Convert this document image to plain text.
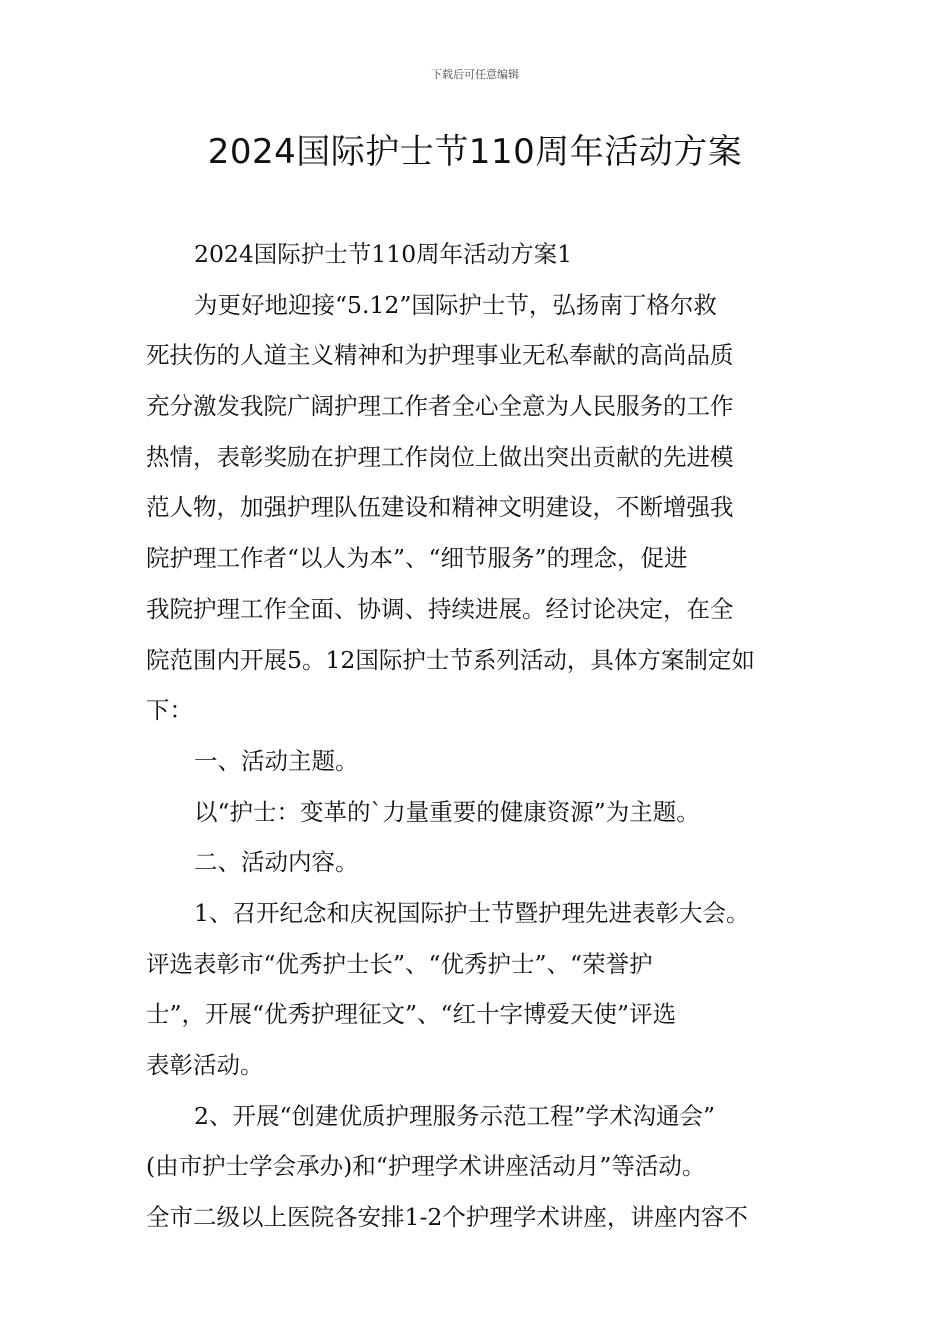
下载后可任意编辑
2024国际护士节110周年活动方案
2024国际护士节110周年活动方案1
为更好地迎接“5.12”国际护士节，弘扬南丁格尔救
死扶伤的人道主义精神和为护理事业无私奉献的高尚品质
充分激发我院广阔护理工作者全心全意为人民服务的工作
热情，表彰奖励在护理工作岗位上做出突出贡献的先进模
范人物，加强护理队伍建设和精神文明建设，不断增强我
院护理工作者“以人为本”、“细节服务”的理念，促进
我院护理工作全面、协调、持续进展。经讨论决定，在全
院范围内开展5。12国际护士节系列活动，具体方案制定如
下：
一、活动主题。
以“护士：变革的`力量重要的健康资源”为主题。
二、活动内容。
1、召开纪念和庆祝国际护士节暨护理先进表彰大会。
评选表彰市“优秀护士长”、“优秀护士”、“荣誉护
士”，开展“优秀护理征文”、“红十字博爱天使”评选
表彰活动。
2、开展“创建优质护理服务示范工程”学术沟通会”
(由市护士学会承办)和“护理学术讲座活动月”等活动。
全市二级以上医院各安排1-2个护理学术讲座，讲座内容不
